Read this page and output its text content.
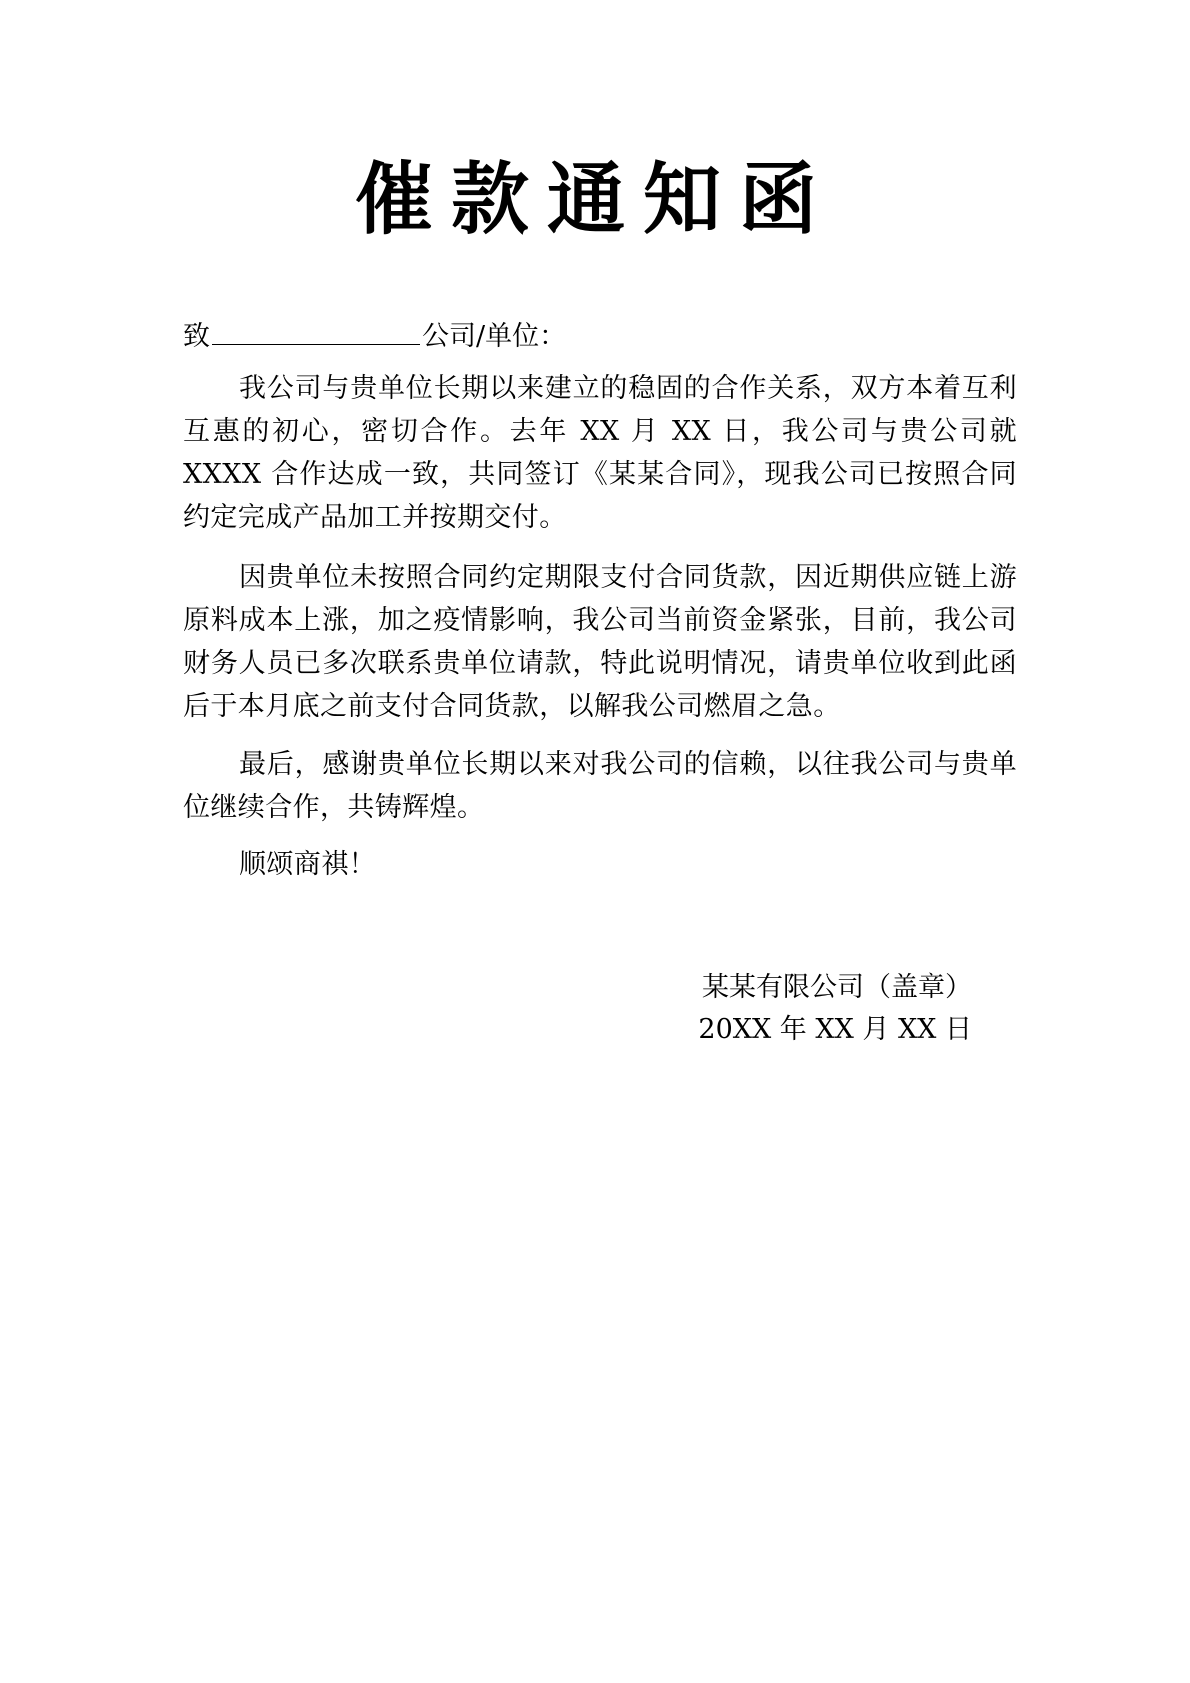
催款通知函
致	公司/单位：

我公司与贵单位长期以来建立的稳固的合作关系，双方本着互利互惠的初心，密切合作。去年 XX 月 XX 日，我公司与贵公司就 XXXX 合作达成一致，共同签订《某某合同》，现我公司已按照合同约定完成产品加工并按期交付。

因贵单位未按照合同约定期限支付合同货款，因近期供应链上游原料成本上涨，加之疫情影响，我公司当前资金紧张，目前，我公司财务人员已多次联系贵单位请款，特此说明情况，请贵单位收到此函后于本月底之前支付合同货款，以解我公司燃眉之急。

最后，感谢贵单位长期以来对我公司的信赖，以往我公司与贵单位继续合作，共铸辉煌。

顺颂商祺！

某某有限公司（盖章）
20XX 年 XX 月 XX 日
